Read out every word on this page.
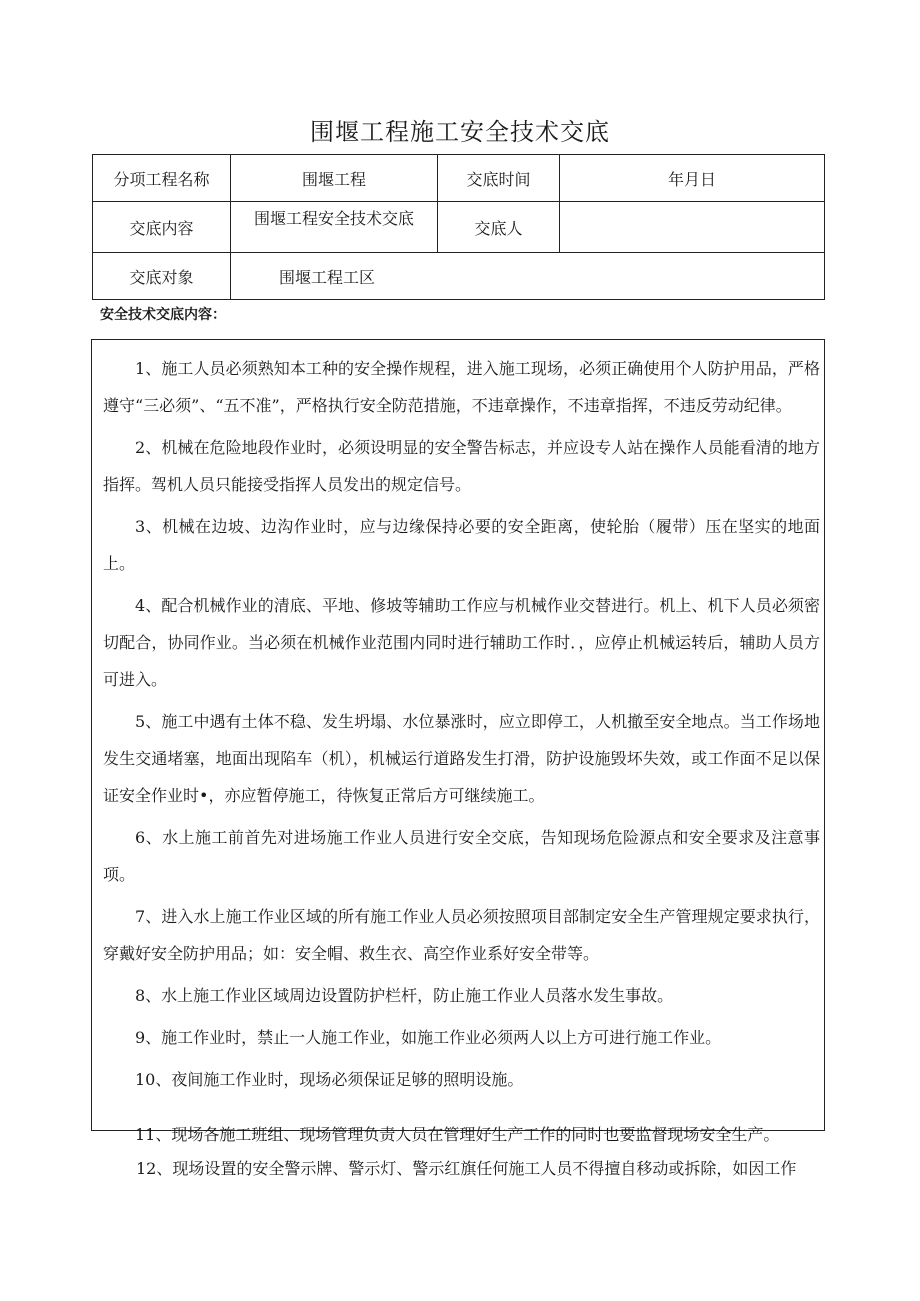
围堰工程施工安全技术交底
分项工程名称	围堰工程	交底时间	年月日
交底内容	围堰工程安全技术交底	交底人	
交底对象	围堰工程工区		
安全技术交底内容：

1、施工人员必须熟知本工种的安全操作规程，进入施工现场，必须正确使用个人防护用品，严格遵守“三必须”、“五不准”，严格执行安全防范措施，不违章操作，不违章指挥，不违反劳动纪律。

2、机械在危险地段作业时，必须设明显的安全警告标志，并应设专人站在操作人员能看清的地方指挥。驾机人员只能接受指挥人员发出的规定信号。

3、机械在边坡、边沟作业时，应与边缘保持必要的安全距离，使轮胎（履带）压在坚实的地面上。

4、配合机械作业的清底、平地、修坡等辅助工作应与机械作业交替进行。机上、机下人员必须密切配合，协同作业。当必须在机械作业范围内同时进行辅助工作时．，应停止机械运转后，辅助人员方可进入。

5、施工中遇有土体不稳、发生坍塌、水位暴涨时，应立即停工，人机撤至安全地点。当工作场地发生交通堵塞，地面出现陷车（机），机械运行道路发生打滑，防护设施毁坏失效，或工作面不足以保证安全作业时•，亦应暂停施工，待恢复正常后方可继续施工。

6、水上施工前首先对进场施工作业人员进行安全交底，告知现场危险源点和安全要求及注意事项。

7、进入水上施工作业区域的所有施工作业人员必须按照项目部制定安全生产管理规定要求执行，穿戴好安全防护用品；如：安全帽、救生衣、高空作业系好安全带等。

8、水上施工作业区域周边设置防护栏杆，防止施工作业人员落水发生事故。

9、施工作业时，禁止一人施工作业，如施工作业必须两人以上方可进行施工作业。

10、夜间施工作业时，现场必须保证足够的照明设施。

11、现场各施工班组、现场管理负责人员在管理好生产工作的同时也要监督现场安全生产。

12、现场设置的安全警示牌、警示灯、警示红旗任何施工人员不得擅自移动或拆除，如因工作
